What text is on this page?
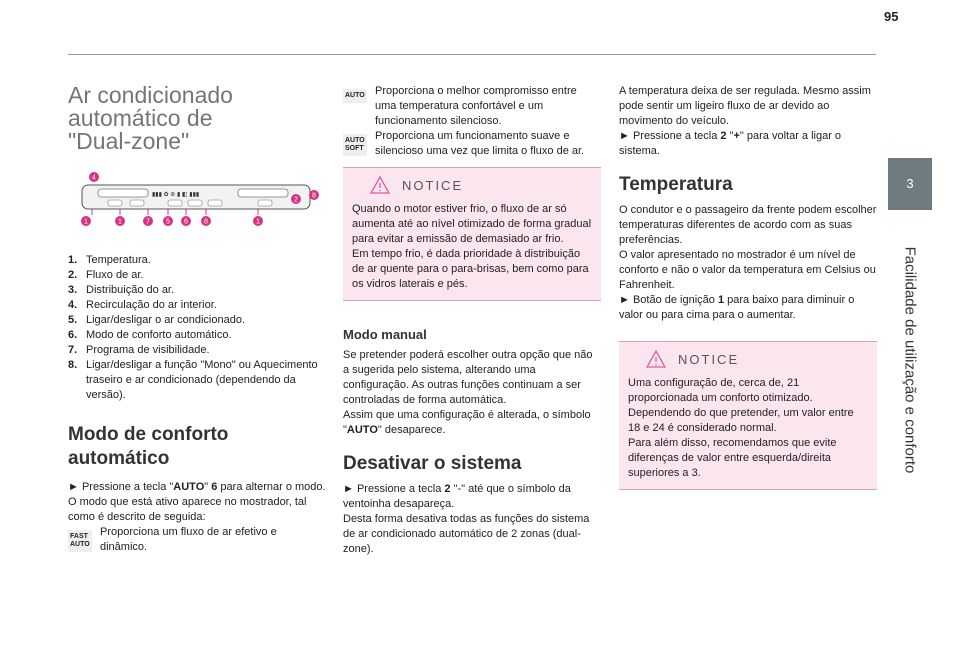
95
3
Facilidade de utilização e conforto
Ar condicionado
automático de
"Dual-zone"
▮▮▮ ✿ ⊛ ▮ ◧ ▮▮▮
4
2
8
1	1	7 5 6 8	1
1. Temperatura.
2. Fluxo de ar.
3. Distribuição do ar.
4. Recirculação do ar interior.
5. Ligar/desligar o ar condicionado.
6. Modo de conforto automático.
7. Programa de visibilidade.
8. Ligar/desligar a função "Mono" ou Aquecimento traseiro e ar condicionado (dependendo da versão).
Modo de conforto
automático

► Pressione a tecla "AUTO" 6 para alternar o modo.

O modo que está ativo aparece no mostrador, tal como é descrito de seguida:

FAST
AUTO

Proporciona um fluxo de ar efetivo e dinâmico.

AUTO Proporciona o melhor compromisso entre uma temperatura confortável e um funcionamento silencioso.

AUTO
SOFT

Proporciona um funcionamento suave e silencioso uma vez que limita o fluxo de ar.

NOTICE

Quando o motor estiver frio, o fluxo de ar só aumenta até ao nível otimizado de forma gradual para evitar a emissão de demasiado ar frio.

Em tempo frio, é dada prioridade à distribuição de ar quente para o para-brisas, bem como para os vidros laterais e pés.

Modo manual

Se pretender poderá escolher outra opção que não a sugerida pelo sistema, alterando uma configuração. As outras funções continuam a ser controladas de forma automática.

Assim que uma configuração é alterada, o símbolo "AUTO" desaparece.

Desativar o sistema

► Pressione a tecla 2 "-" até que o símbolo da ventoinha desapareça.

Desta forma desativa todas as funções do sistema de ar condicionado automático de 2 zonas (dual-zone).

A temperatura deixa de ser regulada. Mesmo assim pode sentir um ligeiro fluxo de ar devido ao movimento do veículo.

► Pressione a tecla 2 "+" para voltar a ligar o sistema.

Temperatura

O condutor e o passageiro da frente podem escolher temperaturas diferentes de acordo com as suas preferências.

O valor apresentado no mostrador é um nível de conforto e não o valor da temperatura em Celsius ou Fahrenheit.

► Botão de ignição 1 para baixo para diminuir o valor ou para cima para o aumentar.

NOTICE

Uma configuração de, cerca de, 21 proporcionada um conforto otimizado.

Dependendo do que pretender, um valor entre 18 e 24 é considerado normal.

Para além disso, recomendamos que evite diferenças de valor entre esquerda/direita superiores a 3.
